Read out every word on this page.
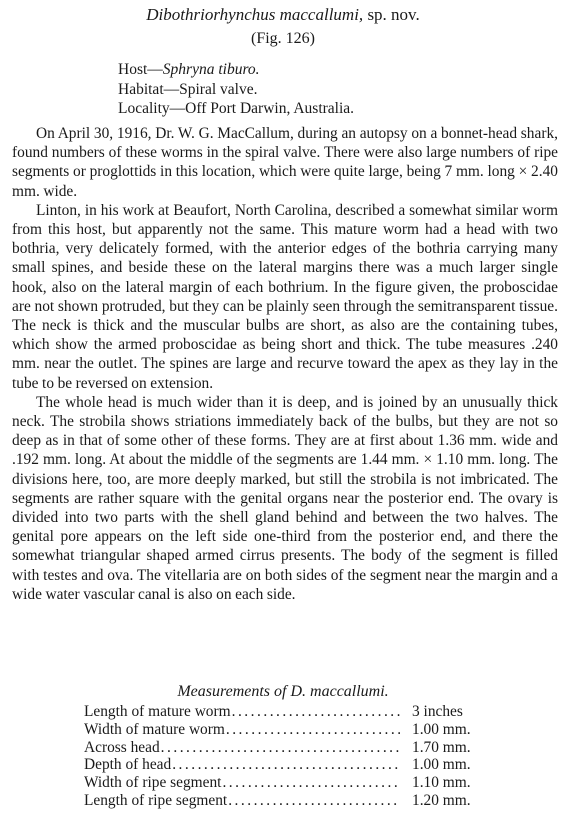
Dibothriorhynchus maccallumi, sp. nov.
(Fig. 126)
Host—Sphryna tiburo.
Habitat—Spiral valve.
Locality—Off Port Darwin, Australia.

On April 30, 1916, Dr. W. G. MacCallum, during an autopsy on a bonnet-head shark, found numbers of these worms in the spiral valve. There were also large numbers of ripe segments or proglottids in this location, which were quite large, being 7 mm. long × 2.40 mm. wide.

Linton, in his work at Beaufort, North Carolina, described a somewhat similar worm from this host, but apparently not the same. This mature worm had a head with two bothria, very delicately formed, with the anterior edges of the bothria carrying many small spines, and beside these on the lateral margins there was a much larger single hook, also on the lateral margin of each bothrium. In the figure given, the proboscidae are not shown protruded, but they can be plainly seen through the semitransparent tissue. The neck is thick and the muscular bulbs are short, as also are the containing tubes, which show the armed proboscidae as being short and thick. The tube measures .240 mm. near the outlet. The spines are large and recurve toward the apex as they lay in the tube to be reversed on extension.

The whole head is much wider than it is deep, and is joined by an unusually thick neck. The strobila shows striations immediately back of the bulbs, but they are not so deep as in that of some other of these forms. They are at first about 1.36 mm. wide and .192 mm. long. At about the middle of the segments are 1.44 mm. × 1.10 mm. long. The divisions here, too, are more deeply marked, but still the strobila is not imbricated. The segments are rather square with the genital organs near the posterior end. The ovary is divided into two parts with the shell gland behind and between the two halves. The genital pore appears on the left side one-third from the posterior end, and there the somewhat triangular shaped armed cirrus presents. The body of the segment is filled with testes and ova. The vitellaria are on both sides of the segment near the margin and a wide water vascular canal is also on each side.

Measurements of D. maccallumi.
Length of mature worm .....	3 inches
Width of mature worm .....	1.00 mm.
Across head .....	1.70 mm.
Depth of head .....	1.00 mm.
Width of ripe segment .....	1.10 mm.
Length of ripe segment .....	1.20 mm.
